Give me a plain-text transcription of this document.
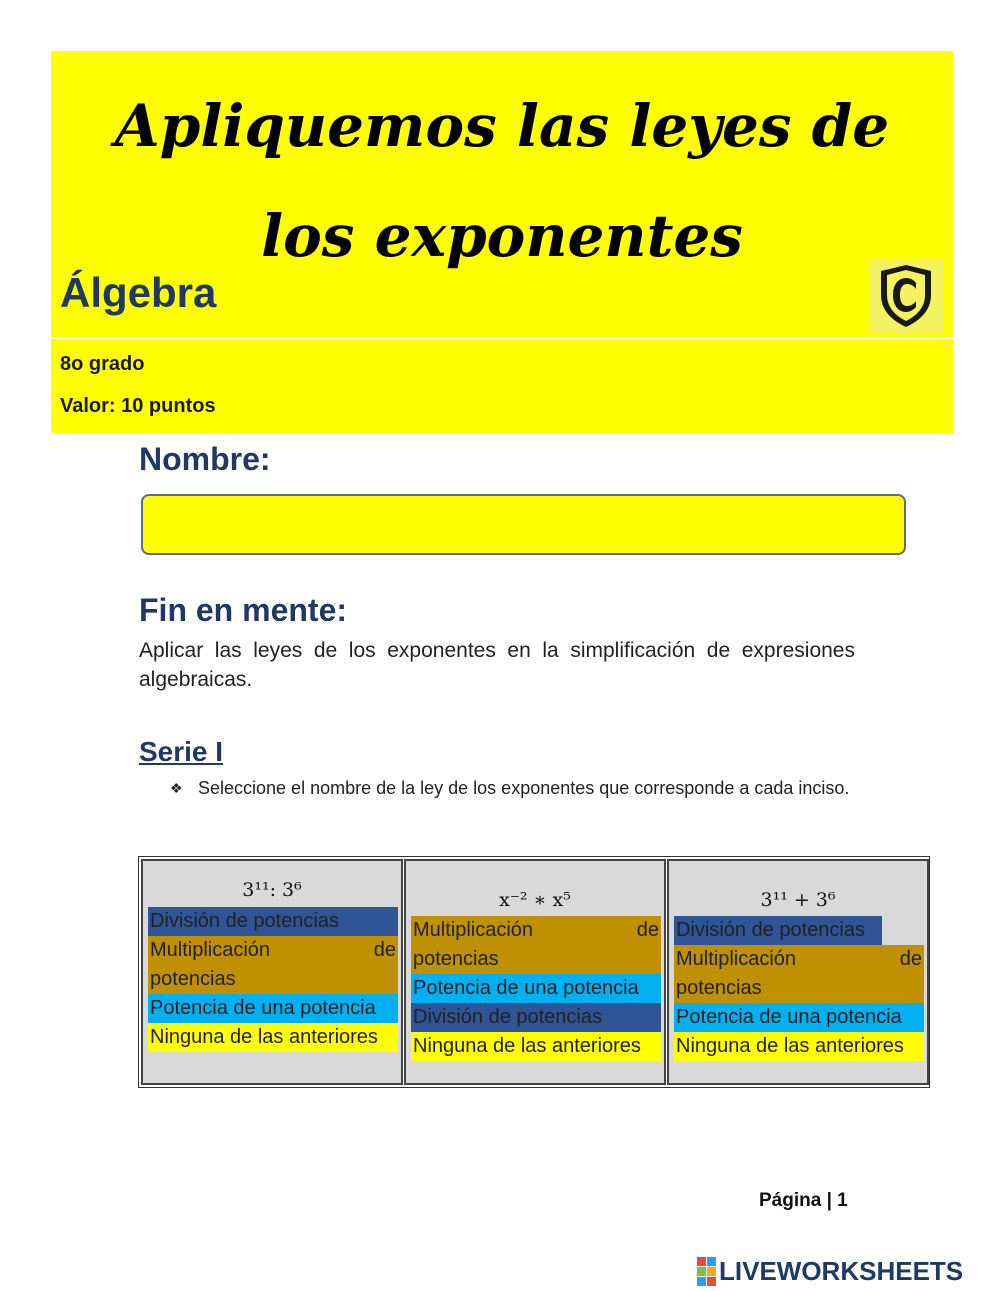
Apliquemos las leyes de
los exponentes
Álgebra
8o grado
Valor: 10 puntos
Nombre:
Fin en mente:
Aplicar las leyes de los exponentes en la simplificación de expresiones algebraicas.
Serie I
❖ Seleccione el nombre de la ley de los exponentes que corresponde a cada inciso.
3¹¹: 3⁶
División de potencias
Multiplicación	de
potencias
Potencia de una potencia
Ninguna de las anteriores
x⁻² ∗ x⁵
Multiplicación	de
potencias
Potencia de una potencia
División de potencias
Ninguna de las anteriores
3¹¹ + 3⁶
División de potencias
Multiplicación	de
potencias
Potencia de una potencia
Ninguna de las anteriores
Página | 1
LIVEWORKSHEETS
